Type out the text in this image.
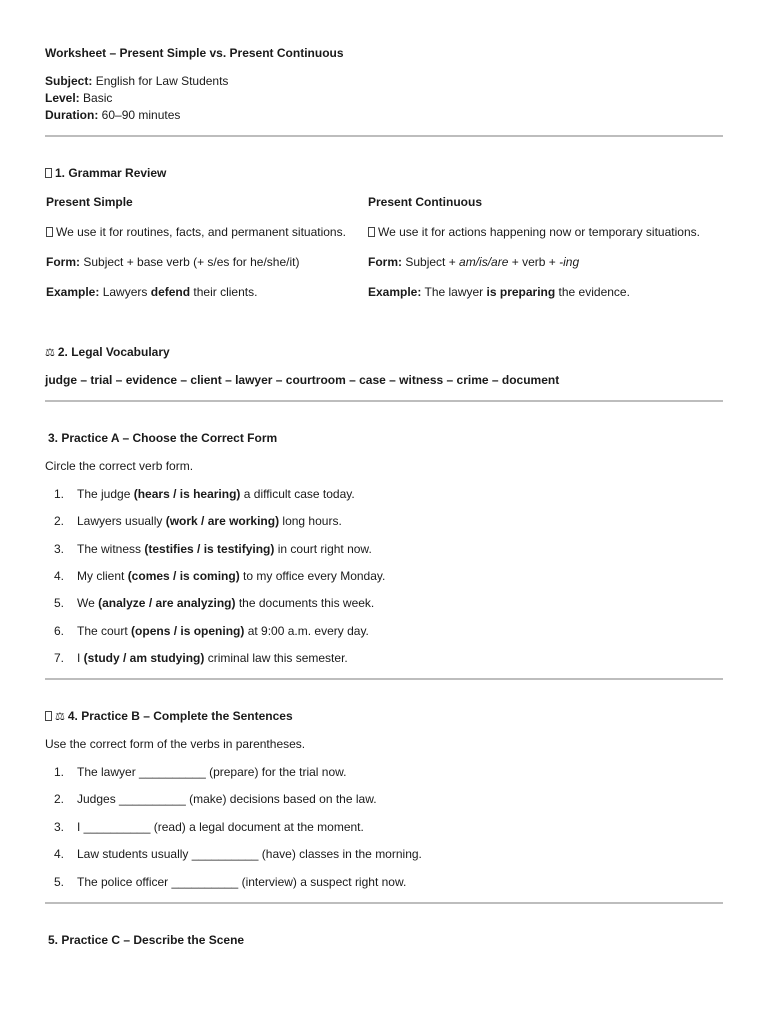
Worksheet – Present Simple vs. Present Continuous
Subject: English for Law Students
Level: Basic
Duration: 60–90 minutes
1. Grammar Review
Present Simple	Present Continuous
We use it for routines, facts, and permanent situations.	We use it for actions happening now or temporary situations.
Form: Subject + base verb (+ s/es for he/she/it)	Form: Subject + am/is/are + verb + -ing
Example: Lawyers defend their clients.	Example: The lawyer is preparing the evidence.
⚖ 2. Legal Vocabulary
judge – trial – evidence – client – lawyer – courtroom – case – witness – crime – document
3. Practice A – Choose the Correct Form
Circle the correct verb form.
1. The judge (hears / is hearing) a difficult case today.
2. Lawyers usually (work / are working) long hours.
3. The witness (testifies / is testifying) in court right now.
4. My client (comes / is coming) to my office every Monday.
5. We (analyze / are analyzing) the documents this week.
6. The court (opens / is opening) at 9:00 a.m. every day.
7. I (study / am studying) criminal law this semester.
⚖ 4. Practice B – Complete the Sentences
Use the correct form of the verbs in parentheses.
1. The lawyer __________ (prepare) for the trial now.
2. Judges __________ (make) decisions based on the law.
3. I __________ (read) a legal document at the moment.
4. Law students usually __________ (have) classes in the morning.
5. The police officer __________ (interview) a suspect right now.
5. Practice C – Describe the Scene
